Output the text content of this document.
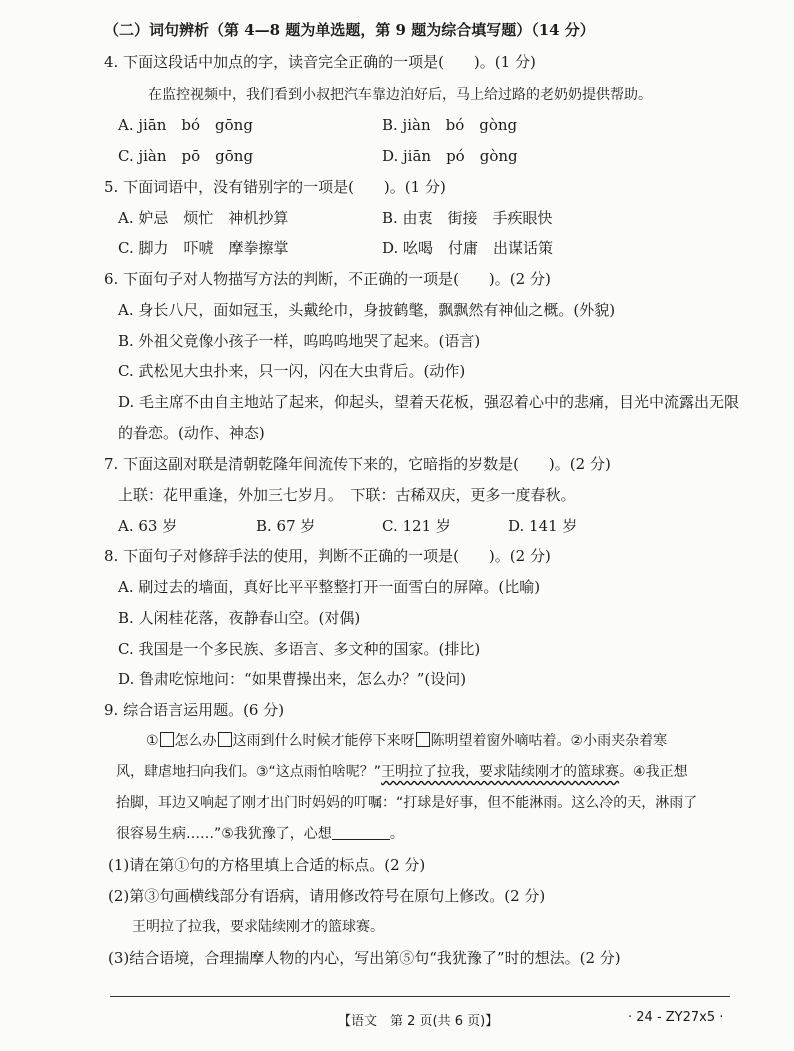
（二）词句辨析（第 4—8 题为单选题，第 9 题为综合填写题）（14 分）
4. 下面这段话中加点的字，读音完全正确的一项是(　　)。(1 分)
在监控视频中，我们看到小叔把汽车靠边泊好后，马上给过路的老奶奶提供帮助。
A. jiān　bó　gōng	B. jiàn　bó　gòng
C. jiàn　pō　gōng	D. jiān　pó　gòng
5. 下面词语中，没有错别字的一项是(　　)。(1 分)
A. 妒忌　烦忙　神机抄算	B. 由衷　街接　手疾眼快
C. 脚力　吓唬　摩拳擦掌	D. 吆喝　付庸　出谋话策
6. 下面句子对人物描写方法的判断，不正确的一项是(　　)。(2 分)
A. 身长八尺，面如冠玉，头戴纶巾，身披鹤氅，飘飘然有神仙之概。(外貌)
B. 外祖父竟像小孩子一样，呜呜呜地哭了起来。(语言)
C. 武松见大虫扑来，只一闪，闪在大虫背后。(动作)
D. 毛主席不由自主地站了起来，仰起头，望着天花板，强忍着心中的悲痛，目光中流露出无限
的眷恋。(动作、神态)
7. 下面这副对联是清朝乾隆年间流传下来的，它暗指的岁数是(　　)。(2 分)
上联：花甲重逢，外加三七岁月。　下联：古稀双庆，更多一度春秋。
A. 63 岁	B. 67 岁	C. 121 岁	D. 141 岁
8. 下面句子对修辞手法的使用，判断不正确的一项是(　　)。(2 分)
A. 刷过去的墙面，真好比平平整整打开一面雪白的屏障。(比喻)
B. 人闲桂花落，夜静春山空。(对偶)
C. 我国是一个多民族、多语言、多文种的国家。(排比)
D. 鲁肃吃惊地问：“如果曹操出来，怎么办？”(设问)
9. 综合语言运用题。(6 分)
① 怎么办 这雨到什么时候才能停下来呀 陈明望着窗外嘀咕着。②小雨夹杂着寒
风，肆虐地扫向我们。③“这点雨怕啥呢？”王明拉了拉我，要求陆续刚才的篮球赛。④我正想
抬脚，耳边又响起了刚才出门时妈妈的叮嘱：“打球是好事，但不能淋雨。这么冷的天，淋雨了
很容易生病……”⑤我犹豫了，心想	。
(1)请在第①句的方格里填上合适的标点。(2 分)
(2)第③句画横线部分有语病，请用修改符号在原句上修改。(2 分)
王明拉了拉我，要求陆续刚才的篮球赛。
(3)结合语境，合理揣摩人物的内心，写出第⑤句“我犹豫了”时的想法。(2 分)
【语文　第 2 页(共 6 页)】	· 24 - ZY27x5 ·
